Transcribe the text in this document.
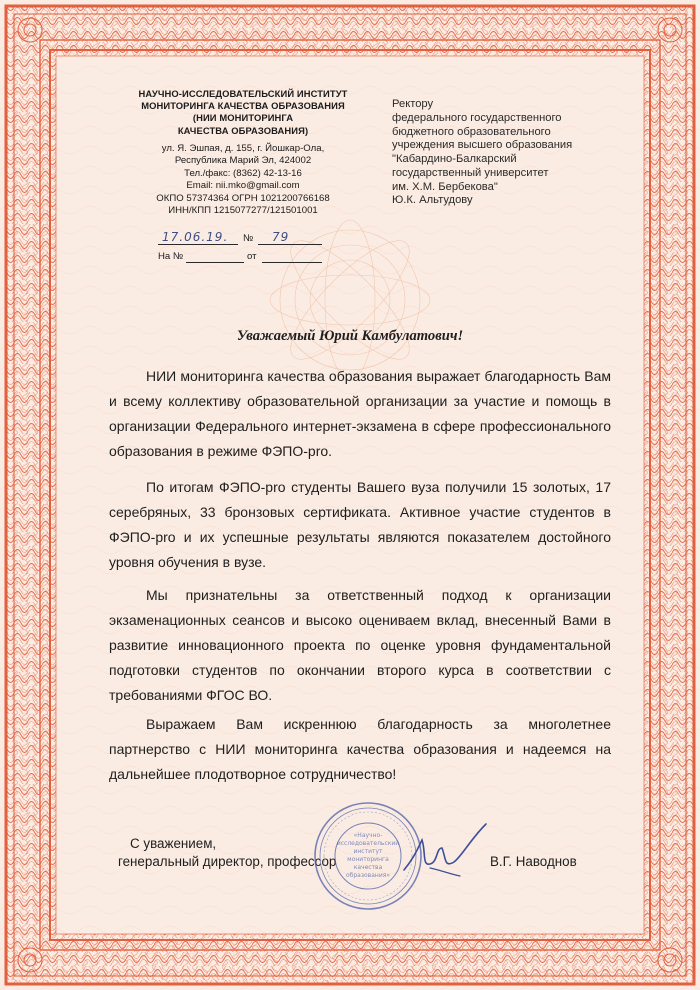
НАУЧНО-ИССЛЕДОВАТЕЛЬСКИЙ ИНСТИТУТ
МОНИТОРИНГА КАЧЕСТВА ОБРАЗОВАНИЯ
(НИИ МОНИТОРИНГА
КАЧЕСТВА ОБРАЗОВАНИЯ)
ул. Я. Эшпая, д. 155, г. Йошкар-Ола,
Республика Марий Эл, 424002
Тел./факс: (8362) 42-13-16
Email: nii.mko@gmail.com
ОКПО 57374364 ОГРН 1021200766168
ИНН/КПП 1215077277/121501001
17.06.19. № 79
На №	от
Ректору
федерального государственного
бюджетного образовательного
учреждения высшего образования
"Кабардино-Балкарский
государственный университет
им. Х.М. Бербекова"
Ю.К. Альтудову
Уважаемый Юрий Камбулатович!

НИИ мониторинга качества образования выражает благодарность Вам и всему коллективу образовательной организации за участие и помощь в организации Федерального интернет-экзамена в сфере профессионального образования в режиме ФЭПО-pro.

По итогам ФЭПО-pro студенты Вашего вуза получили 15 золотых, 17 серебряных, 33 бронзовых сертификата. Активное участие студентов в ФЭПО-pro и их успешные результаты являются показателем достойного уровня обучения в вузе.

Мы признательны за ответственный подход к организации экзаменационных сеансов и высоко оцениваем вклад, внесенный Вами в развитие инновационного проекта по оценке уровня фундаментальной подготовки студентов по окончании второго курса в соответствии с требованиями ФГОС ВО.

Выражаем Вам искреннюю благодарность за многолетнее партнерство с НИИ мониторинга качества образования и надеемся на дальнейшее плодотворное сотрудничество!

С уважением,
генеральный директор, профессор	В.Г. Наводнов
«Научно-
исследовательский
институт
мониторинга
качества
образования»
